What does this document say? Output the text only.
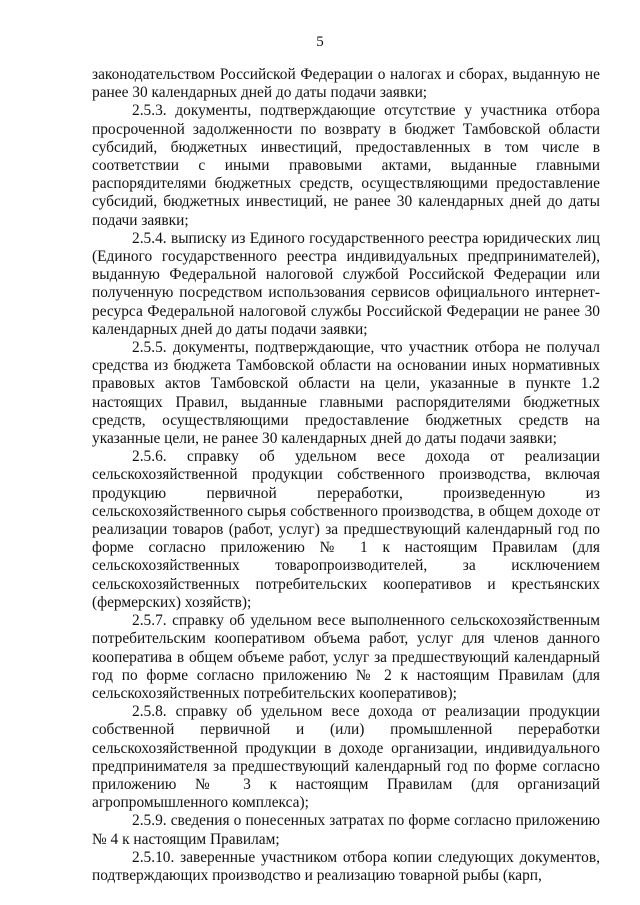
5

законодательством Российской Федерации о налогах и сборах, выданную не ранее 30 календарных дней до даты подачи заявки;

2.5.3. документы, подтверждающие отсутствие у участника отбора просроченной задолженности по возврату в бюджет Тамбовской области субсидий, бюджетных инвестиций, предоставленных в том числе в соответствии с иными правовыми актами, выданные главными распорядителями бюджетных средств, осуществляющими предоставление субсидий, бюджетных инвестиций, не ранее 30 календарных дней до даты подачи заявки;

2.5.4. выписку из Единого государственного реестра юридических лиц (Единого государственного реестра индивидуальных предпринимателей), выданную Федеральной налоговой службой Российской Федерации или полученную посредством использования сервисов официального интернет-ресурса Федеральной налоговой службы Российской Федерации не ранее 30 календарных дней до даты подачи заявки;

2.5.5. документы, подтверждающие, что участник отбора не получал средства из бюджета Тамбовской области на основании иных нормативных правовых актов Тамбовской области на цели, указанные в пункте 1.2 настоящих Правил, выданные главными распорядителями бюджетных средств, осуществляющими предоставление бюджетных средств на указанные цели, не ранее 30 календарных дней до даты подачи заявки;

2.5.6. справку об удельном весе дохода от реализации сельскохозяйственной продукции собственного производства, включая продукцию первичной переработки, произведенную из сельскохозяйственного сырья собственного производства, в общем доходе от реализации товаров (работ, услуг) за предшествующий календарный год по форме согласно приложению № 1 к настоящим Правилам (для сельскохозяйственных товаропроизводителей, за исключением сельскохозяйственных потребительских кооперативов и крестьянских (фермерских) хозяйств);

2.5.7. справку об удельном весе выполненного сельскохозяйственным потребительским кооперативом объема работ, услуг для членов данного кооператива в общем объеме работ, услуг за предшествующий календарный год по форме согласно приложению № 2 к настоящим Правилам (для сельскохозяйственных потребительских кооперативов);

2.5.8. справку об удельном весе дохода от реализации продукции собственной первичной и (или) промышленной переработки сельскохозяйственной продукции в доходе организации, индивидуального предпринимателя за предшествующий календарный год по форме согласно приложению № 3 к настоящим Правилам (для организаций агропромышленного комплекса);

2.5.9. сведения о понесенных затратах по форме согласно приложению № 4 к настоящим Правилам;

2.5.10. заверенные участником отбора копии следующих документов, подтверждающих производство и реализацию товарной рыбы (карп,
